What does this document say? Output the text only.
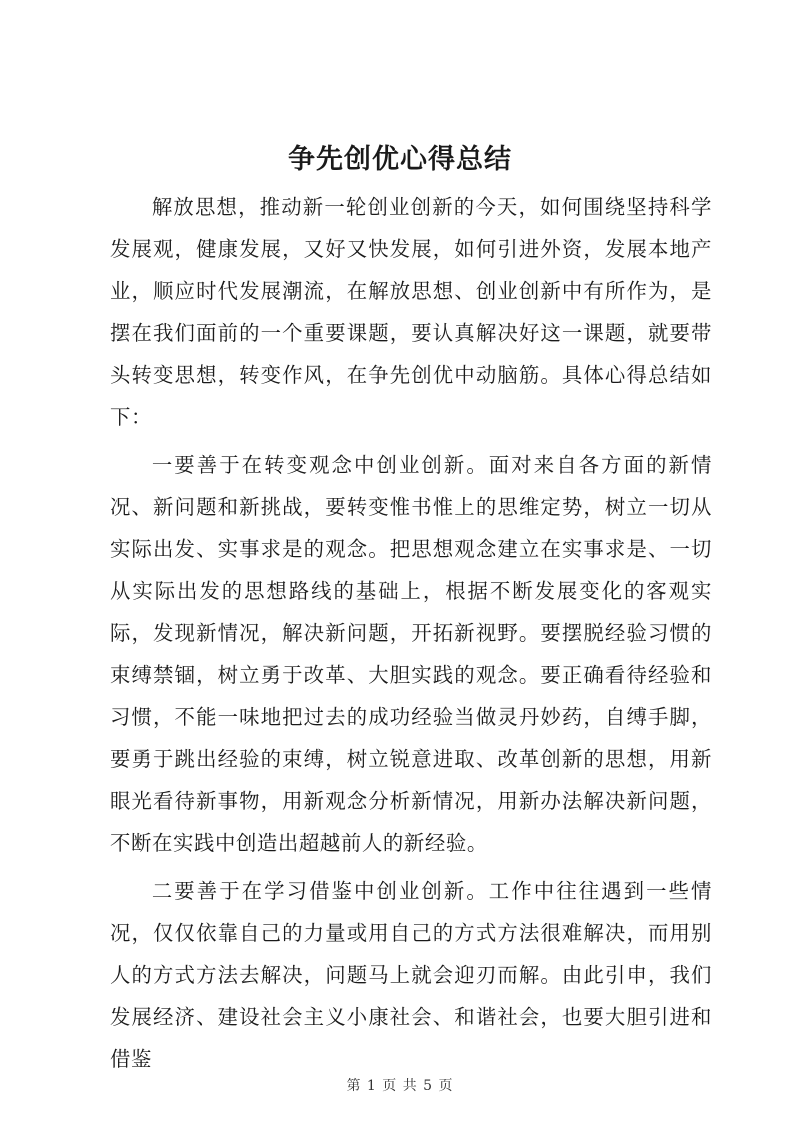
争先创优心得总结

解放思想，推动新一轮创业创新的今天，如何围绕坚持科学发展观，健康发展，又好又快发展，如何引进外资，发展本地产业，顺应时代发展潮流，在解放思想、创业创新中有所作为，是摆在我们面前的一个重要课题，要认真解决好这一课题，就要带头转变思想，转变作风，在争先创优中动脑筋。具体心得总结如下：

一要善于在转变观念中创业创新。面对来自各方面的新情况、新问题和新挑战，要转变惟书惟上的思维定势，树立一切从实际出发、实事求是的观念。把思想观念建立在实事求是、一切从实际出发的思想路线的基础上，根据不断发展变化的客观实际，发现新情况，解决新问题，开拓新视野。要摆脱经验习惯的束缚禁锢，树立勇于改革、大胆实践的观念。要正确看待经验和习惯，不能一味地把过去的成功经验当做灵丹妙药，自缚手脚，要勇于跳出经验的束缚，树立锐意进取、改革创新的思想，用新眼光看待新事物，用新观念分析新情况，用新办法解决新问题，不断在实践中创造出超越前人的新经验。

二要善于在学习借鉴中创业创新。工作中往往遇到一些情况，仅仅依靠自己的力量或用自己的方式方法很难解决，而用别人的方式方法去解决，问题马上就会迎刃而解。由此引申，我们发展经济、建设社会主义小康社会、和谐社会，也要大胆引进和借鉴

第 1 页 共 5 页
